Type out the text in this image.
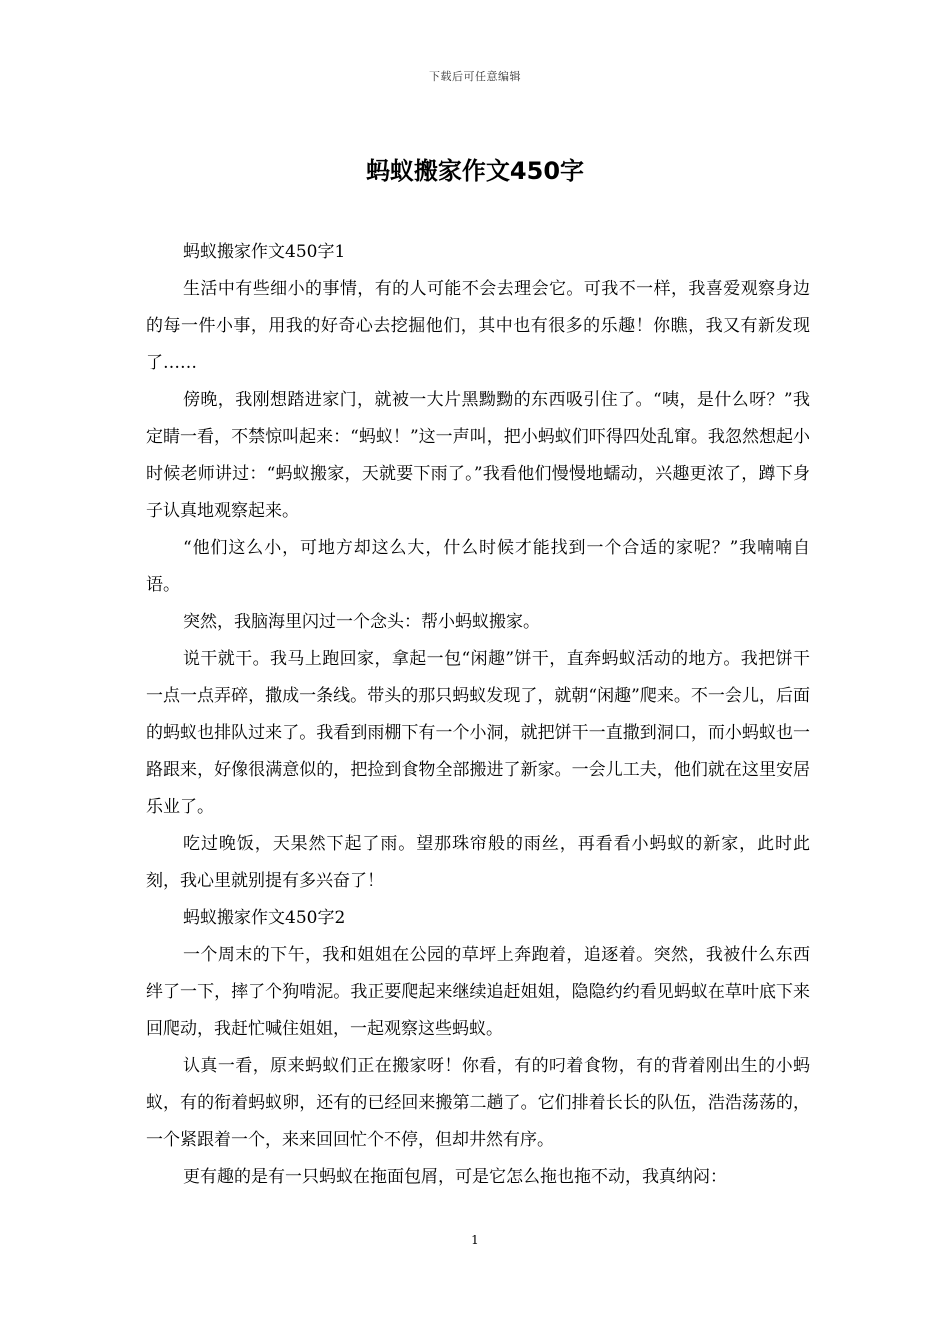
下载后可任意编辑
蚂蚁搬家作文450字

蚂蚁搬家作文450字1

生活中有些细小的事情，有的人可能不会去理会它。可我不一样，我喜爱观察身边的每一件小事，用我的好奇心去挖掘他们，其中也有很多的乐趣！你瞧，我又有新发现了……

傍晚，我刚想踏进家门，就被一大片黑黝黝的东西吸引住了。“咦，是什么呀？”我定睛一看，不禁惊叫起来：“蚂蚁！”这一声叫，把小蚂蚁们吓得四处乱窜。我忽然想起小时候老师讲过：“蚂蚁搬家，天就要下雨了。”我看他们慢慢地蠕动，兴趣更浓了，蹲下身子认真地观察起来。

“他们这么小，可地方却这么大，什么时候才能找到一个合适的家呢？”我喃喃自语。

突然，我脑海里闪过一个念头：帮小蚂蚁搬家。

说干就干。我马上跑回家，拿起一包“闲趣”饼干，直奔蚂蚁活动的地方。我把饼干一点一点弄碎，撒成一条线。带头的那只蚂蚁发现了，就朝“闲趣”爬来。不一会儿，后面的蚂蚁也排队过来了。我看到雨棚下有一个小洞，就把饼干一直撒到洞口，而小蚂蚁也一路跟来，好像很满意似的，把捡到食物全部搬进了新家。一会儿工夫，他们就在这里安居乐业了。

吃过晚饭，天果然下起了雨。望那珠帘般的雨丝，再看看小蚂蚁的新家，此时此刻，我心里就别提有多兴奋了！

蚂蚁搬家作文450字2

一个周末的下午，我和姐姐在公园的草坪上奔跑着，追逐着。突然，我被什么东西绊了一下，摔了个狗啃泥。我正要爬起来继续追赶姐姐，隐隐约约看见蚂蚁在草叶底下来回爬动，我赶忙喊住姐姐，一起观察这些蚂蚁。

认真一看，原来蚂蚁们正在搬家呀！你看，有的叼着食物，有的背着刚出生的小蚂蚁，有的衔着蚂蚁卵，还有的已经回来搬第二趟了。它们排着长长的队伍，浩浩荡荡的，一个紧跟着一个，来来回回忙个不停，但却井然有序。

更有趣的是有一只蚂蚁在拖面包屑，可是它怎么拖也拖不动，我真纳闷：

1
